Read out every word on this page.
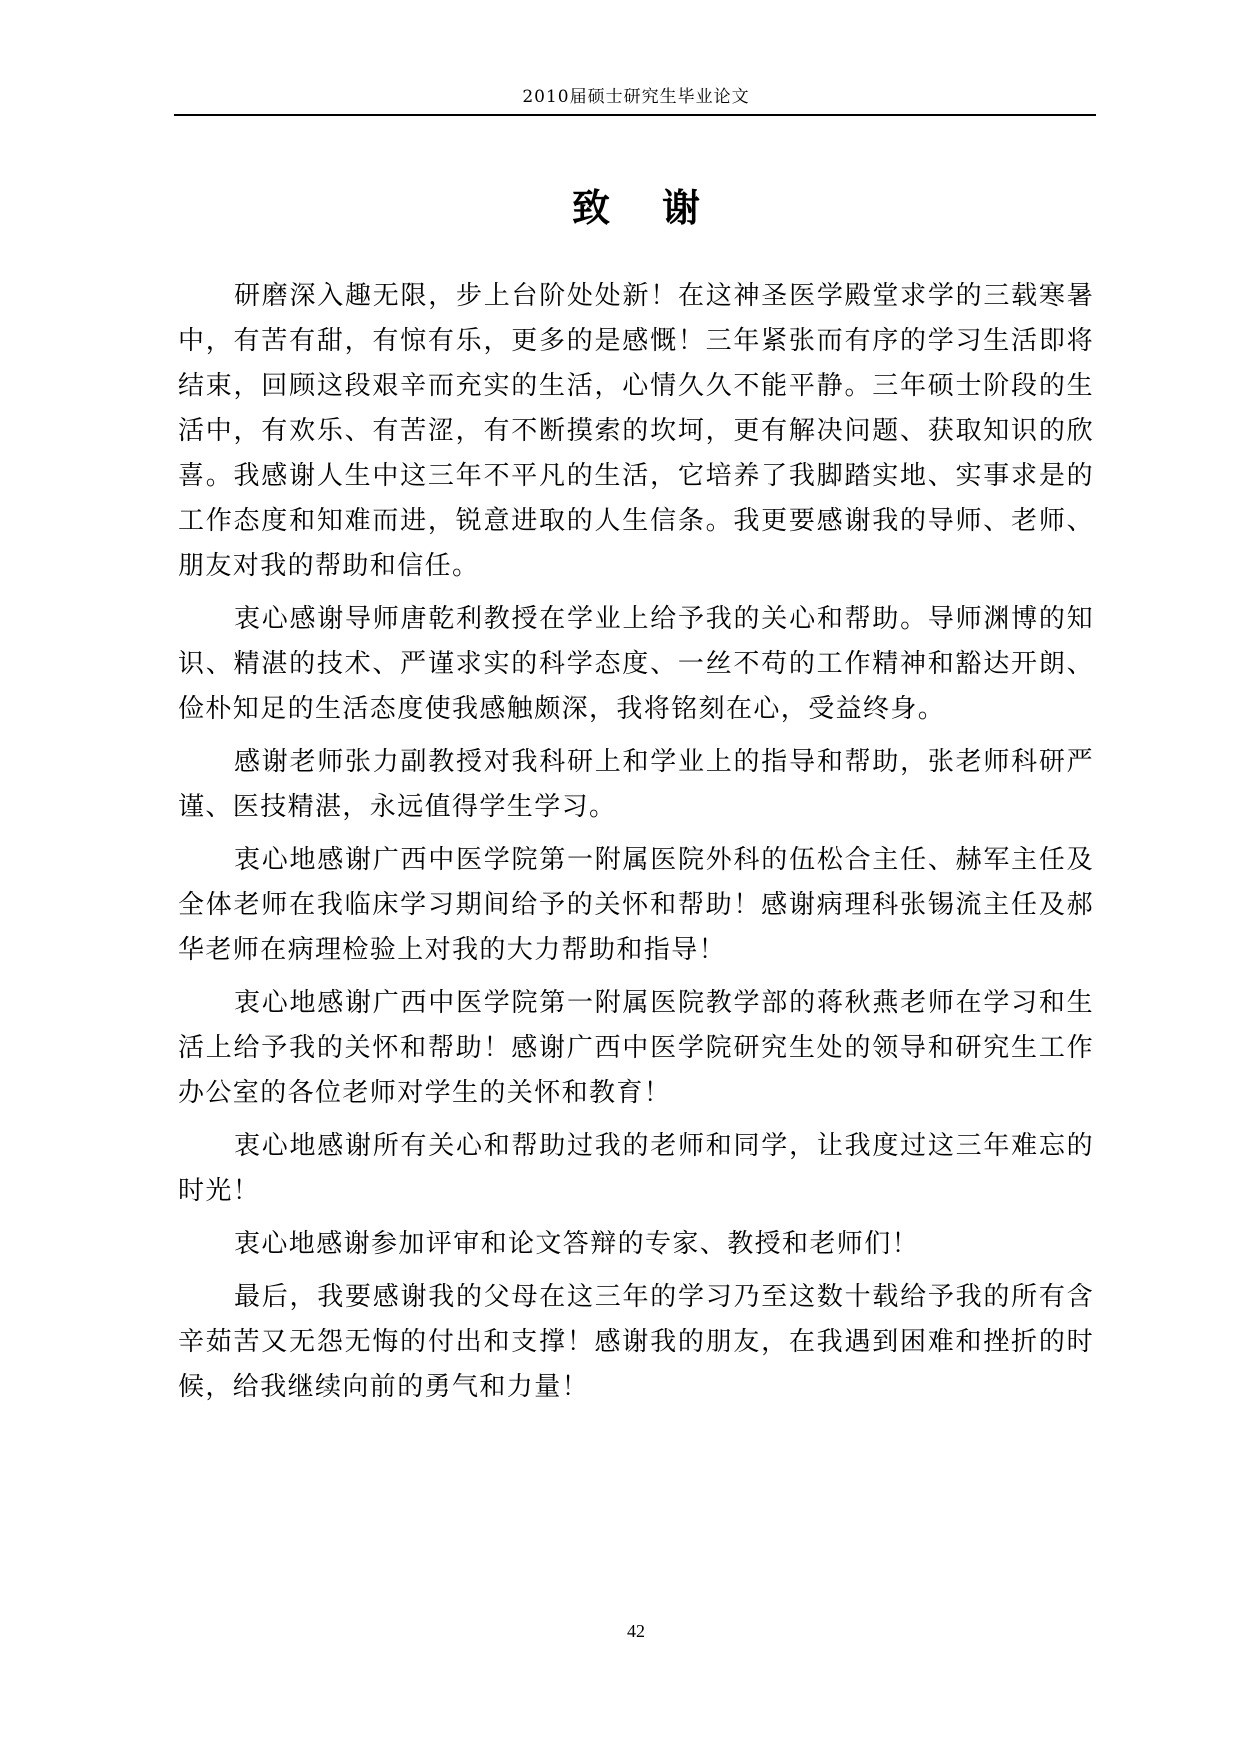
2010届硕士研究生毕业论文
致谢

研磨深入趣无限，步上台阶处处新！在这神圣医学殿堂求学的三载寒暑中，有苦有甜，有惊有乐，更多的是感慨！三年紧张而有序的学习生活即将结束，回顾这段艰辛而充实的生活，心情久久不能平静。三年硕士阶段的生活中，有欢乐、有苦涩，有不断摸索的坎坷，更有解决问题、获取知识的欣喜。我感谢人生中这三年不平凡的生活，它培养了我脚踏实地、实事求是的工作态度和知难而进，锐意进取的人生信条。我更要感谢我的导师、老师、朋友对我的帮助和信任。

衷心感谢导师唐乾利教授在学业上给予我的关心和帮助。导师渊博的知识、精湛的技术、严谨求实的科学态度、一丝不苟的工作精神和豁达开朗、俭朴知足的生活态度使我感触颇深，我将铭刻在心，受益终身。

感谢老师张力副教授对我科研上和学业上的指导和帮助，张老师科研严谨、医技精湛，永远值得学生学习。

衷心地感谢广西中医学院第一附属医院外科的伍松合主任、赫军主任及全体老师在我临床学习期间给予的关怀和帮助！感谢病理科张锡流主任及郝华老师在病理检验上对我的大力帮助和指导！

衷心地感谢广西中医学院第一附属医院教学部的蒋秋燕老师在学习和生活上给予我的关怀和帮助！感谢广西中医学院研究生处的领导和研究生工作办公室的各位老师对学生的关怀和教育！

衷心地感谢所有关心和帮助过我的老师和同学，让我度过这三年难忘的时光！

衷心地感谢参加评审和论文答辩的专家、教授和老师们！

最后，我要感谢我的父母在这三年的学习乃至这数十载给予我的所有含辛茹苦又无怨无悔的付出和支撑！感谢我的朋友，在我遇到困难和挫折的时候，给我继续向前的勇气和力量！

42
